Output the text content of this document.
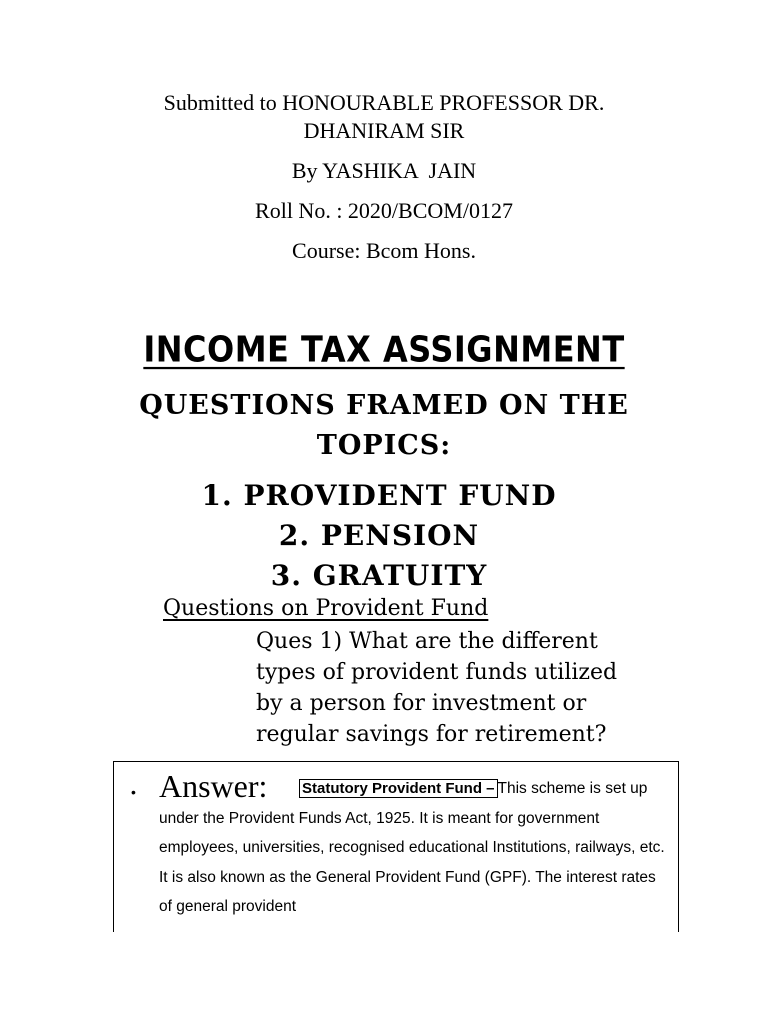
Submitted to HONOURABLE PROFESSOR DR.
DHANIRAM SIR
By YASHIKA  JAIN
Roll No. : 2020/BCOM/0127
Course: Bcom Hons.
INCOME TAX ASSIGNMENT
QUESTIONS FRAMED ON THE
TOPICS:
1. PROVIDENT FUND
2. PENSION
3. GRATUITY
Questions on Provident Fund
Ques 1) What are the different
types of provident funds utilized
by a person for investment or
regular savings for retirement?
• Answer:	Statutory Provident Fund – This scheme is set up under the Provident Funds Act, 1925. It is meant for government employees, universities, recognised educational Institutions, railways, etc. It is also known as the General Provident Fund (GPF). The interest rates of general provident
